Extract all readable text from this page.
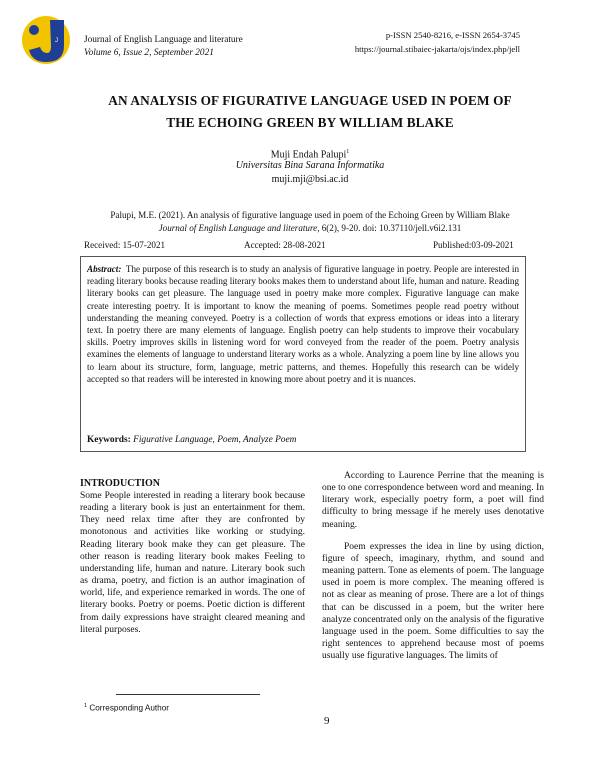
J	Journal of English Language and literature
Volume 6, Issue 2, September 2021
p-ISSN 2540-8216, e-ISSN 2654-3745
https://journal.stibaiec-jakarta/ojs/index.php/jell
AN ANALYSIS OF FIGURATIVE LANGUAGE USED IN POEM OF
THE ECHOING GREEN BY WILLIAM BLAKE
Muji Endah Palupi$^1$
Universitas Bina Sarana Informatika
muji.mji@bsi.ac.id
Palupi, M.E. (2021). An analysis of figurative language used in poem of the Echoing Green by William Blake
Journal of English Language and literature, 6(2), 9-20. doi: 10.37110/jell.v6i2.131
Received: 15-07-2021	Accepted: 28-08-2021	Published:03-09-2021
Abstract: The purpose of this research is to study an analysis of figurative language in poetry. People are interested in reading literary books because reading literary books makes them to understand about life, human and nature. Reading literary books can get pleasure. The language used in poetry make more complex. Figurative language can make create interesting poetry. It is important to know the meaning of poems. Sometimes people read poetry without understanding the meaning conveyed. Poetry is a collection of words that express emotions or ideas into a literary text. In poetry there are many elements of language. English poetry can help students to improve their vocabulary skills. Poetry improves skills in listening word for word conveyed from the reader of the poem. Poetry analysis examines the elements of language to understand literary works as a whole. Analyzing a poem line by line allows you to learn about its structure, form, language, metric patterns, and themes. Hopefully this research can be widely accepted so that readers will be interested in knowing more about poetry and it is nuances.
Keywords: Figurative Language, Poem, Analyze Poem
INTRODUCTION
Some People interested in reading a literary book because reading a literary book is just an entertainment for them. They need relax time after they are confronted by monotonous and activities like working or studying. Reading literary book make they can get pleasure. The other reason is reading literary book makes Feeling to understanding life, human and nature. Literary book such as drama, poetry, and fiction is an author imagination of world, life, and experience remarked in words. The one of literary books. Poetry or poems. Poetic diction is different from daily expressions have straight cleared meaning and literal purposes.

According to Laurence Perrine that the meaning is one to one correspondence between word and meaning. In literary work, especially poetry form, a poet will find difficulty to bring message if he merely uses denotative meaning.

Poem expresses the idea in line by using diction, figure of speech, imaginary, rhythm, and sound and meaning pattern. Tone as elements of poem. The language used in poem is more complex. The meaning offered is not as clear as meaning of prose. There are a lot of things that can be discussed in a poem, but the writer here analyze concentrated only on the analysis of the figurative language used in the poem. Some difficulties to say the right sentences to apprehend because most of poems usually use figurative languages. The limits of

$^1$ Corresponding Author
9
